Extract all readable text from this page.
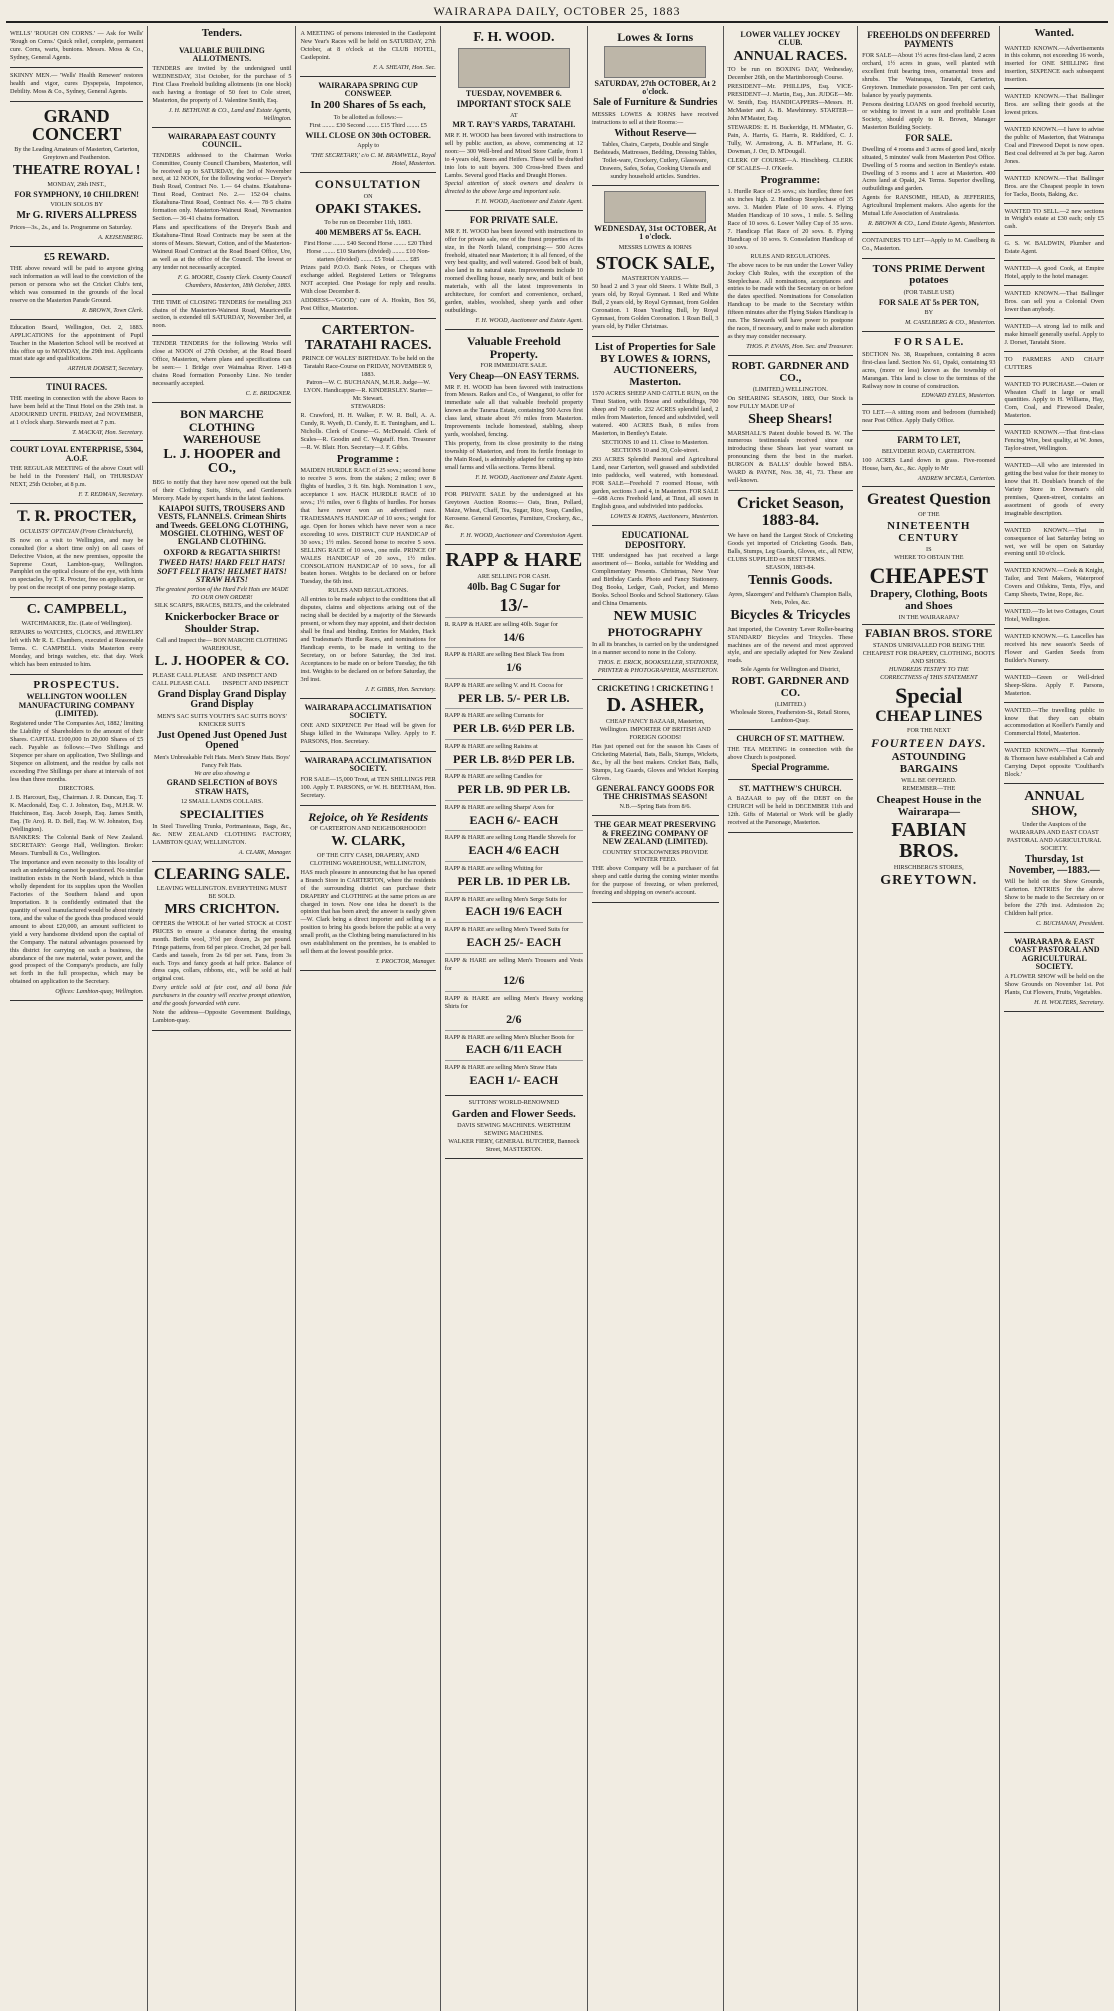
WAIRARAPA DAILY, OCTOBER 25, 1883
WELLS' 'ROUGH ON CORNS.' — Ask for Wells' 'Rough on Corns.' Quick relief, complete, permanent cure. Corns, warts, bunions. Messrs. Moss & Co., Sydney, General Agents.
SKINNY MEN.— 'Wells' Health Renewer' restores health and vigor, cures Dyspepsia, Impotence, Debility. Moss & Co., Sydney, General Agents.
GRAND CONCERT
By the Leading Amateurs of Masterton, Carterton, Greytown and Featherston.
THEATRE ROYAL !
MONDAY, 29th INST.,
FOR SYMPHONY, 10 CHILDREN!
VIOLIN SOLOS BY
Mr G. RIVERS ALLPRESS
Prices—3s., 2s., and 1s. Programme on Saturday.
A. KEISENBERG.
£5 REWARD.
THE above reward will be paid to anyone giving such information as will lead to the conviction of the person or persons who set the Cricket Club's tent, which was consumed in the grounds of the local reserve on the Masterton Parade Ground.
R. BROWN, Town Clerk.
Education Board, Wellington, Oct. 2, 1883. APPLICATIONS for the appointment of Pupil Teacher in the Masterton School will be received at this office up to MONDAY, the 29th inst. Applicants must state age and qualifications.
ARTHUR DORSET, Secretary.
TINUI RACES.
THE meeting in connection with the above Races to have been held at the Tinui Hotel on the 29th inst. is ADJOURNED UNTIL FRIDAY, 2nd NOVEMBER, at 1 o'clock sharp. Stewards meet at 7 p.m.
T. MACKAY, Hon. Secretary.
COURT LOYAL ENTERPRISE, 5304, A.O.F.
THE REGULAR MEETING of the above Court will be held in the Foresters' Hall, on THURSDAY NEXT, 25th October, at 8 p.m.
F. T. REDMAN, Secretary.
T. R. PROCTER,
OCULISTS' OPTICIAN (From Christchurch),
IS now on a visit to Wellington, and may be consulted (for a short time only) on all cases of Defective Vision, at the new premises, opposite the Supreme Court, Lambton-quay, Wellington. Pamphlet on the optical closure of the eye, with hints on spectacles, by T. R. Procter, free on application, or by post on the receipt of one penny postage stamp.
C. CAMPBELL,
WATCHMAKER, Etc. (Late of Wellington).
REPAIRS to WATCHES, CLOCKS, and JEWELRY left with Mr R. E. Chambers, executed at Reasonable Terms. C. CAMPBELL visits Masterton every Monday, and brings watches, etc. that day. Work which has been entrusted to him.
PROSPECTUS.
WELLINGTON WOOLLEN MANUFACTURING COMPANY (LIMITED).
Registered under 'The Companies Act, 1882,' limiting the Liability of Shareholders to the amount of their Shares. CAPITAL £100,000 In 20,000 Shares of £5 each. Payable as follows:—Two Shillings and Sixpence per share on application, Two Shillings and Sixpence on allotment, and the residue by calls not exceeding Five Shillings per share at intervals of not less than three months.
DIRECTORS.
J. B. Harcourt, Esq., Chairman. J. R. Duncan, Esq. T. K. Macdonald, Esq. C. J. Johnston, Esq., M.H.R. W. Hutchinson, Esq. Jacob Joseph, Esq. James Smith, Esq. (Te Aro). R. D. Bell, Esq. W. W. Johnston, Esq. (Wellington).
BANKERS: The Colonial Bank of New Zealand. SECRETARY: George Hall, Wellington. Broker: Messrs. Turnbull & Co., Wellington.
The importance and even necessity to this locality of such an undertaking cannot be questioned. No similar institution exists in the North Island, which is thus wholly dependent for its supplies upon the Woollen Factories of the Southern Island and upon Importation. It is confidently estimated that the quantity of wool manufactured would be about ninety tons, and the value of the goods thus produced would amount to about £20,000, an amount sufficient to yield a very handsome dividend upon the capital of the Company. The natural advantages possessed by this district for carrying on such a business, the abundance of the raw material, water power, and the good prospect of the Company's products, are fully set forth in the full prospectus, which may be obtained on application to the Secretary.
Offices: Lambton-quay, Wellington.
Tenders.
VALUABLE BUILDING ALLOTMENTS.
TENDERS are invited by the undersigned until WEDNESDAY, 31st October, for the purchase of 5 First Class Freehold building allotments (in one block) each having a frontage of 50 feet to Cole street, Masterton, the property of J. Valentine Smith, Esq.
J. H. BETHUNE & CO., Land and Estate Agents, Wellington.
WAIRARAPA EAST COUNTY COUNCIL.
TENDERS addressed to the Chairman Works Committee, County Council Chambers, Masterton, will be received up to SATURDAY, the 3rd of November next, at 12 NOON, for the following works:— Dreyer's Bush Road, Contract No. 1.— 64 chains. Ekatahuna-Tinui Road, Contract No. 2.— 152·04 chains. Ekatahuna-Tinui Road, Contract No. 4.— 78·5 chains formation only. Masterton-Waineui Road, Newmanton Section.— 36·41 chains formation.
Plans and specifications of the Dreyer's Bush and Ekatahuna-Tinui Road Contracts may be seen at the stores of Messrs. Stewart, Cotton, and of the Masterton-Waineui Road Contract at the Road Board Office, Ure, as well as at the office of the Council. The lowest or any tender not necessarily accepted.
F. G. MOORE, County Clerk. County Council Chambers, Masterton, 18th October, 1883.
THE TIME of CLOSING TENDERS for metalling 263 chains of the Masterton-Waineui Road, Mauriceville section, is extended till SATURDAY, November 3rd, at noon.
TENDER TENDERS for the following Works will close at NOON of 27th October, at the Road Board Office, Masterton, where plans and specifications can be seen:— 1 Bridge over Waimahua River. 149·8 chains Road formation Ponsonby Line. No tender necessarily accepted.
C. E. BRIDGNER.
BON MARCHE CLOTHING WAREHOUSE
L. J. HOOPER and CO.,
BEG to notify that they have now opened out the bulk of their Clothing Suits, Shirts, and Gentlemen's Mercery. Made by expert hands in the latest fashions.
KAIAPOI SUITS, TROUSERS AND VESTS, FLANNELS. Crimean Shirts and Tweeds. GEELONG CLOTHING, MOSGIEL CLOTHING, WEST OF ENGLAND CLOTHING.
OXFORD & REGATTA SHIRTS!
TWEED HATS! HARD FELT HATS! SOFT FELT HATS! HELMET HATS! STRAW HATS!
The greatest portion of the Hard Felt Hats are MADE TO OUR OWN ORDER!
SILK SCARFS, BRACES, BELTS, and the celebrated
Knickerbocker Brace or Shoulder Strap.
Call and Inspect the— BON MARCHE CLOTHING WAREHOUSE,
L. J. HOOPER & CO.
PLEASE CALL PLEASE CALL PLEASE CALL
AND INSPECT AND INSPECT AND INSPECT
Grand Display Grand Display Grand Display
MEN'S SAC SUITS YOUTH'S SAC SUITS BOYS' KNICKER SUITS
Just Opened Just Opened Just Opened
Men's Unbreakable Felt Hats. Men's Straw Hats. Boys' Fancy Felt Hats.
We are also showing a
GRAND SELECTION of BOYS STRAW HATS,
12 SMALL LANDS COLLARS.
SPECIALITIES
In Steel Travelling Trunks, Portmanteaus, Bags, &c., &c. NEW ZEALAND CLOTHING FACTORY, LAMBTON QUAY, WELLINGTON.
A. CLARK, Manager.
CLEARING SALE.
LEAVING WELLINGTON. EVERYTHING MUST BE SOLD.
MRS CRICHTON.
OFFERS the WHOLE of her varied STOCK at COST PRICES to ensure a clearance during the ensuing month. Berlin wool, 3½d per dozen, 2s per pound. Fringe patterns, from 6d per piece. Crochet, 2d per ball. Cards and tassels, from 2s 6d per set. Fans, from 3s each. Toys and fancy goods at half price. Balance of dress caps, collars, ribbons, etc., will be sold at half original cost.
Every article sold at fair cost, and all bona fide purchasers in the country will receive prompt attention, and the goods forwarded with care.
Note the address—Opposite Government Buildings, Lambton-quay.
A MEETING of persons interested in the Castlepoint New Year's Races will be held on SATURDAY, 27th October, at 8 o'clock at the CLUB HOTEL, Castlepoint.
F. A. SHEATH, Hon. Sec.
WAIRARAPA SPRING CUP CONSWEEP.
In 200 Shares of 5s each,
To be allotted as follows:—
First ........ £30 Second ........ £15 Third ........ £5
WILL CLOSE ON 30th OCTOBER.
Apply to
'THE SECRETARY,' c/o C. M. BRAMWELL, Royal Hotel, Masterton.
CONSULTATION
ON
OPAKI STAKES.
To be run on December 11th, 1883.
400 MEMBERS AT 5s. EACH.
First Horse ........ £40 Second Horse ........ £20 Third Horse ........ £10 Starters (divided) ........ £10 Non-starters (divided) ........ £5 Total ........ £85
Prizes paid P.O.O. Bank Notes, or Cheques with exchange added. Registered Letters or Telegrams NOT accepted. One Postage for reply and results. With close December 8.
ADDRESS—'GOOD,' care of A. Hoskin, Box 56, Post Office, Masterton.
CARTERTON-TARATAHI RACES.
PRINCE OF WALES' BIRTHDAY. To be held on the Taratahi Race-Course on FRIDAY, NOVEMBER 9, 1883.
Patron—W. C. BUCHANAN, M.H.R. Judge—W. LYON. Handicapper—R. KINDERSLEY. Starter—Mr. Stewart.
STEWARDS:
R. Crawford, H. H. Walker, F. W. R. Bull, A. A. Cundy, R. Wyeth, D. Cundy, E. E. Tuningham, and L. Nicholls. Clerk of Course—G. McDonald. Clerk of Scales—R. Goodin and C. Wagstaff. Hon. Treasurer—R. W. Blair. Hon. Secretary—J. F. Gibbs.
Programme :
MAIDEN HURDLE RACE of 25 sovs.; second horse to receive 3 sovs. from the stakes; 2 miles; over 8 flights of hurdles, 3 ft. 6in. high. Nomination 1 sov., acceptance 1 sov. HACK HURDLE RACE of 10 sovs.; 1½ miles, over 6 flights of hurdles. For horses that have never won an advertised race. TRADESMAN'S HANDICAP of 10 sovs.; weight for age. Open for horses which have never won a race exceeding 10 sovs. DISTRICT CUP HANDICAP of 30 sovs.; 1½ miles. Second horse to receive 5 sovs. SELLING RACE of 10 sovs., one mile. PRINCE OF WALES HANDICAP of 20 sovs., 1½ miles. CONSOLATION HANDICAP of 10 sovs., for all beaten horses. Weights to be declared on or before Tuesday, the 6th inst.
RULES AND REGULATIONS.
All entries to be made subject to the conditions that all disputes, claims and objections arising out of the racing shall be decided by a majority of the Stewards present, or whom they may appoint, and their decision shall be final and binding. Entries for Maiden, Hack and Tradesman's Hurdle Races, and nominations for Handicap events, to be made in writing to the Secretary, on or before Saturday, the 3rd inst. Acceptances to be made on or before Tuesday, the 6th inst. Weights to be declared on or before Saturday, the 3rd inst.
J. F. GIBBS, Hon. Secretary.
WAIRARAPA ACCLIMATISATION SOCIETY.
ONE AND SIXPENCE Per Head will be given for Shags killed in the Wairarapa Valley. Apply to F. PARSONS, Hon. Secretary.
WAIRARAPA ACCLIMATISATION SOCIETY.
FOR SALE—15,000 Trout, at TEN SHILLINGS PER 100. Apply T. PARSONS, or W. H. BEETHAM, Hon. Secretary.
Rejoice, oh Ye Residents
OF CARTERTON AND NEIGHBORHOOD!!
W. CLARK,
OF THE CITY CASH, DRAPERY, AND CLOTHING WAREHOUSE, WELLINGTON,
HAS much pleasure in announcing that he has opened a Branch Store in CARTERTON, where the residents of the surrounding district can purchase their DRAPERY and CLOTHING at the same prices as are charged in town. Now one idea he doesn't is the opinion that has been aired; the answer is easily given—W. Clark being a direct importer and selling in a position to bring his goods before the public at a very small profit, as the Clothing being manufactured in his own establishment on the premises, he is enabled to sell them at the lowest possible price.
T. PROCTOR, Manager.
F. H. WOOD.
TUESDAY, NOVEMBER 6.
IMPORTANT STOCK SALE
AT
MR T. RAY'S YARDS, TARATAHI.
MR F. H. WOOD has been favored with instructions to sell by public auction, as above, commencing at 12 noon:— 300 Well-bred and Mixed Store Cattle, from 1 to 4 years old, Steers and Heifers. These will be drafted into lots to suit buyers. 300 Cross-bred Ewes and Lambs. Several good Hacks and Draught Horses.
Special attention of stock owners and dealers is directed to the above large and important sale.
F. H. WOOD, Auctioneer and Estate Agent.
FOR PRIVATE SALE.
MR F. H. WOOD has been favored with instructions to offer for private sale, one of the finest properties of its size, in the North Island, comprising:— 500 Acres freehold, situated near Masterton; it is all fenced, of the very best quality, and well watered. Good belt of bush, also land in its natural state. Improvements include 10 roomed dwelling house, nearly new, and built of best materials, with all the latest improvements in architecture, for comfort and convenience, orchard, garden, stables, woolshed, sheep yards and other outbuildings.
F. H. WOOD, Auctioneer and Estate Agent.
Valuable Freehold Property.
FOR IMMEDIATE SALE.
Very Cheap—ON EASY TERMS.
MR F. H. WOOD has been favored with instructions from Messrs. Raikes and Co., of Wanganui, to offer for immediate sale all that valuable freehold property known as the Tararua Estate, containing 500 Acres first class land, situate about 3½ miles from Masterton. Improvements include homestead, stabling, sheep yards, woolshed, fencing.
This property, from its close proximity to the rising township of Masterton, and from its fertile frontage to the Main Road, is admirably adapted for cutting up into small farms and villa sections. Terms liberal.
F. H. WOOD, Auctioneer and Estate Agent.
FOR PRIVATE SALE by the undersigned at his Greytown Auction Rooms:— Oats, Bran, Pollard, Maize, Wheat, Chaff, Tea, Sugar, Rice, Soap, Candles, Kerosene. General Groceries, Furniture, Crockery, &c., &c.
F. H. WOOD, Auctioneer and Commission Agent.
RAPP & HARE
ARE SELLING FOR CASH.
40lb. Bag C Sugar for
13/-
R. RAPP & HARE are selling 40lb. Sugar for
14/6
RAPP & HARE are selling Best Black Tea from
1/6
RAPP & HARE are selling V. and H. Cocoa for
PER LB. 5/- PER LB.
RAPP & HARE are selling Currants for
PER LB. 6½D PER LB.
RAPP & HARE are selling Raisins at
PER LB. 8½D PER LB.
RAPP & HARE are selling Candles for
PER LB. 9D PER LB.
RAPP & HARE are selling Sharps' Axes for
EACH 6/- EACH
RAPP & HARE are selling Long Handle Shovels for
EACH 4/6 EACH
RAPP & HARE are selling Whiting for
PER LB. 1D PER LB.
RAPP & HARE are selling Men's Serge Suits for
EACH 19/6 EACH
RAPP & HARE are selling Men's Tweed Suits for
EACH 25/- EACH
RAPP & HARE are selling Men's Trousers and Vests for
12/6
RAPP & HARE are selling Men's Heavy working Shirts for
2/6
RAPP & HARE are selling Men's Blucher Boots for
EACH 6/11 EACH
RAPP & HARE are selling Men's Straw Hats
EACH 1/- EACH
SUTTONS' WORLD-RENOWNED
Garden and Flower Seeds.
DAVIS SEWING MACHINES. WERTHEIM SEWING MACHINES.
WALKER FIERY, GENERAL BUTCHER, Bannock Street, MASTERTON.
Lowes & Iorns
SATURDAY, 27th OCTOBER, At 2 o'clock.
Sale of Furniture & Sundries
MESSRS LOWES & IORNS have received instructions to sell at their Rooms:—
Without Reserve—
Tables, Chairs, Carpets, Double and Single Bedsteads, Mattresses, Bedding, Dressing Tables, Toilet-ware, Crockery, Cutlery, Glassware, Drawers, Safes, Sofas, Cooking Utensils and sundry household articles. Sundries.
WEDNESDAY, 31st OCTOBER, At 1 o'clock.
MESSRS LOWES & IORNS
STOCK SALE,
MASTERTON YARDS.—
50 head 2 and 3 year old Steers. 1 White Bull, 3 years old, by Royal Gymnast. 1 Red and White Bull, 2 years old, by Royal Gymnast, from Golden Coronation. 1 Roan Yearling Bull, by Royal Gymnast, from Golden Coronation. 1 Roan Bull, 3 years old, by Fidler Christmas.
List of Properties for Sale BY LOWES & IORNS, AUCTIONEERS, Masterton.
1570 ACRES SHEEP AND CATTLE RUN, on the Tinui Station, with House and outbuildings, 700 sheep and 70 cattle. 232 ACRES splendid land, 2 miles from Masterton, fenced and subdivided, well watered. 400 ACRES Bush, 8 miles from Masterton, in Bentley's Estate.
SECTIONS 10 and 11. Close to Masterton. SECTIONS 10 and 30, Cole-street.
293 ACRES Splendid Pastoral and Agricultural Land, near Carterton, well grassed and subdivided into paddocks, well watered, with homestead. FOR SALE—Freehold 7 roomed House, with garden, sections 3 and 4, in Masterton. FOR SALE—688 Acres Freehold land, at Tinui, all sown in English grass, and subdivided into paddocks.
LOWES & IORNS, Auctioneers, Masterton.
EDUCATIONAL DEPOSITORY.
THE undersigned has just received a large assortment of— Books, suitable for Wedding and Complimentary Presents. Christmas, New Year and Birthday Cards. Photo and Fancy Stationery. Dog Books, Ledger, Cash, Pocket, and Memo Books. School Books and School Stationery. Glass and China Ornaments.
NEW MUSIC
PHOTOGRAPHY
In all its branches, is carried on by the undersigned in a manner second to none in the Colony.
THOS. E. ERICK, BOOKSELLER, STATIONER, PRINTER & PHOTOGRAPHER, MASTERTON.
CRICKETING ! CRICKETING !
D. ASHER,
CHEAP FANCY BAZAAR, Masterton, Wellington. IMPORTER OF BRITISH AND FOREIGN GOODS!
Has just opened out for the season his Cases of Cricketing Material, Bats, Balls, Stumps, Wickets, &c., by all the best makers. Cricket Bats, Balls, Stumps, Leg Guards, Gloves and Wicket Keeping Gloves.
GENERAL FANCY GOODS FOR THE CHRISTMAS SEASON!
N.B.—Spring Bats from 8/6.
THE GEAR MEAT PRESERVING & FREEZING COMPANY OF NEW ZEALAND (LIMITED).
COUNTRY STOCKOWNERS PROVIDE WINTER FEED.
THE above Company will be a purchaser of fat sheep and cattle during the coming winter months for the purpose of freezing, or when preferred, freezing and shipping on owner's account.
LOWER VALLEY JOCKEY CLUB.
ANNUAL RACES.
TO be run on BOXING DAY, Wednesday, December 26th, on the Martinborough Course.
PRESIDENT—Mr. PHILLIPS, Esq. VICE-PRESIDENT—J. Martin, Esq., Jun. JUDGE—Mr. W. Smith, Esq. HANDICAPPERS—Messrs. H. McMaster and A. B. Mawhinney. STARTER—John M'Master, Esq.
STEWARDS: E. H. Buckeridge, H. M'Master, G. Pain, A. Harris, G. Harris, R. Riddiford, C. J. Tully, W. Armstrong, A. B. M'Farlane, H. G. Dowman, J. Orr, D. M'Dougall.
CLERK OF COURSE—A. Hirschberg. CLERK OF SCALES—J. O'Keefe.
Programme:
1. Hurdle Race of 25 sovs.; six hurdles; three feet six inches high. 2. Handicap Steeplechase of 35 sovs. 3. Maiden Plate of 10 sovs. 4. Flying Maiden Handicap of 10 sovs., 1 mile. 5. Selling Race of 10 sovs. 6. Lower Valley Cup of 35 sovs. 7. Handicap Flat Race of 20 sovs. 8. Flying Handicap of 10 sovs. 9. Consolation Handicap of 10 sovs.
RULES AND REGULATIONS.
The above races to be run under the Lower Valley Jockey Club Rules, with the exception of the Steeplechase. All nominations, acceptances and entries to be made with the Secretary on or before the dates specified. Nominations for Consolation Handicap to be made to the Secretary within fifteen minutes after the Flying Stakes Handicap is run. The Stewards will have power to postpone the races, if necessary, and to make such alteration as they may consider necessary.
THOS. P. EVANS, Hon. Sec. and Treasurer.
ROBT. GARDNER AND CO.,
(LIMITED,) WELLINGTON.
On SHEARING SEASON, 1883, Our Stock is now FULLY MADE UP of
Sheep Shears!
MARSHALL'S Patent double bowed B. W. The numerous testimonials received since our introducing these Shears last year warrant us pronouncing them the best in the market. BURGON & BALLS' double bowed BBA. WARD & PAYNE, Nos. 38, 41, 73. These are well-known.
Cricket Season, 1883-84.
We have on hand the Largest Stock of Cricketing Goods yet imported of Cricketing Goods. Bats, Balls, Stumps, Leg Guards, Gloves, etc., all NEW, CLUBS SUPPLIED on BEST TERMS.
SEASON, 1883-84.
Tennis Goods.
Ayres, Slazengers' and Feltham's Champion Balls, Nets, Poles, &c.
Bicycles & Tricycles
Just imported, the Coventry 'Lever Roller-bearing STANDARD' Bicycles and Tricycles. These machines are of the newest and most approved style, and are specially adapted for New Zealand roads.
Sole Agents for Wellington and District,
ROBT. GARDNER AND CO.
(LIMITED.)
Wholesale Stores, Featherston-St., Retail Stores, Lambton-Quay.
CHURCH OF ST. MATTHEW.
THE TEA MEETING in connection with the above Church is postponed.
Special Programme.
ST. MATTHEW'S CHURCH.
A BAZAAR to pay off the DEBT on the CHURCH will be held in DECEMBER 11th and 12th. Gifts of Material or Work will be gladly received at the Parsonage, Masterton.
FREEHOLDS ON DEFERRED PAYMENTS
FOR SALE—About 1½ acres first-class land, 2 acres orchard, 1½ acres in grass, well planted with excellent fruit bearing trees, ornamental trees and shrubs. The Wairarapa, Taratahi, Carterton, Greytown. Immediate possession. Ten per cent cash, balance by yearly payments.
Persons desiring LOANS on good freehold security, or wishing to invest in a sure and profitable Loan Society, should apply to R. Brown, Manager Masterton Building Society.
FOR SALE.
Dwelling of 4 rooms and 3 acres of good land, nicely situated, 5 minutes' walk from Masterton Post Office. Dwelling of 5 rooms and section in Bentley's estate. Dwelling of 3 rooms and 1 acre at Masterton. 400 Acres land at Opaki, 24. Terms. Superior dwelling, outbuildings and garden.
Agents for RANSOME, HEAD, & JEFFERIES, Agricultural Implement makers. Also agents for the Mutual Life Association of Australasia.
R. BROWN & CO., Land Estate Agents, Masterton.
CONTAINERS TO LET—Apply to M. Caselberg & Co., Masterton.
TONS PRIME Derwent potatoes
(FOR TABLE USE)
FOR SALE AT 5s PER TON,
BY
M. CASELBERG & CO., Masterton.
F O R S A L E.
SECTION No. 38, Ruapehuen, containing 8 acres first-class land. Section No. 61, Opaki, containing 93 acres, (more or less) known as the township of Marangan. This land is close to the terminus of the Railway now in course of construction.
EDWARD EYLES, Masterton.
TO LET.—A sitting room and bedroom (furnished) near Post Office. Apply Daily Office.
FARM TO LET,
BELVIDERE ROAD, CARTERTON.
100 ACRES Land down in grass. Five-roomed House, barn, &c., &c. Apply to Mr
ANDREW M'CREA, Carterton.
Greatest Question
OF THE
NINETEENTH CENTURY
IS
WHERE TO OBTAIN THE
CHEAPEST
Drapery, Clothing, Boots and Shoes
IN THE WAIRARAPA?
FABIAN BROS. STORE
STANDS UNRIVALLED FOR BEING THE CHEAPEST FOR DRAPERY, CLOTHING, BOOTS AND SHOES.
HUNDREDS TESTIFY TO THE
CORRECTNESS of THIS STATEMENT
Special
CHEAP LINES
FOR THE NEXT
FOURTEEN DAYS.
ASTOUNDING BARGAINS
WILL BE OFFERED.
REMEMBER—THE
Cheapest House in the Wairarapa—
FABIAN BROS.
HIRSCHBERG'S STORES,
GREYTOWN.
Wanted.
WANTED KNOWN.—Advertisements in this column, not exceeding 16 words, inserted for ONE SHILLING first insertion, SIXPENCE each subsequent insertion.
WANTED KNOWN.—That Ballinger Bros. are selling their goods at the lowest prices.
WANTED KNOWN.—I have to advise the public of Masterton, that Wairarapa Coal and Firewood Depot is now open. Best coal delivered at 3s per bag. Aaron Jones.
WANTED KNOWN.—That Ballinger Bros. are the Cheapest people in town for Tacks, Boots, Baking, &c.
WANTED TO SELL.—2 new sections in Wright's estate at £30 each; only £5 cash.
G. S. W. BALDWIN, Plumber and Estate Agent.
WANTED—A good Cook, at Empire Hotel, apply to the hotel manager.
WANTED KNOWN.—That Ballinger Bros. can sell you a Colonial Oven lower than anybody.
WANTED—A strong lad to milk and make himself generally useful. Apply to J. Dorset, Taratahi Store.
TO FARMERS AND CHAFF CUTTERS
WANTED TO PURCHASE.—Oaten or Wheaten Chaff in large or small quantities. Apply to H. Williams, Hay, Corn, Coal, and Firewood Dealer, Masterton.
WANTED KNOWN.—That first-class Fencing Wire, best quality, at W. Jones, Taylor-street, Wellington.
WANTED—All who are interested in getting the best value for their money to know that H. Doublas's branch of the Variety Store in Dowman's old premises, Queen-street, contains an assortment of goods of every imaginable description.
WANTED KNOWN.—That in consequence of last Saturday being so wet, we will be open on Saturday evening until 10 o'clock.
WANTED KNOWN.—Cook & Knight, Tailor, and Tent Makers, Waterproof Covers and Oilskins, Tents, Flys, and Camp Sheets, Twine, Rope, &c.
WANTED.—To let two Cottages, Court Hotel, Wellington.
WANTED KNOWN.—G. Lascelles has received his new season's Seeds of Flower and Garden Seeds from Builder's Nursery.
WANTED—Green or Well-dried Sheep-Skins. Apply F. Parsons, Masterton.
WANTED.—The travelling public to know that they can obtain accommodation at Koeller's Family and Commercial Hotel, Masterton.
WANTED KNOWN.—That Kennedy & Thomson have established a Cab and Carrying Depot opposite 'Coulthard's Block.'
ANNUAL SHOW,
Under the Auspices of the WAIRARAPA AND EAST COAST PASTORAL AND AGRICULTURAL SOCIETY.
Thursday, 1st November, —1883.—
Will be held on the Show Grounds, Carterton. ENTRIES for the above Show to be made to the Secretary on or before the 27th inst. Admission 2s; Children half price.
C. BUCHANAN, President.
WAIRARAPA & EAST COAST PASTORAL AND AGRICULTURAL SOCIETY.
A FLOWER SHOW will be held on the Show Grounds on November 1st. Pot Plants, Cut Flowers, Fruits, Vegetables.
H. H. WOLTERS, Secretary.
